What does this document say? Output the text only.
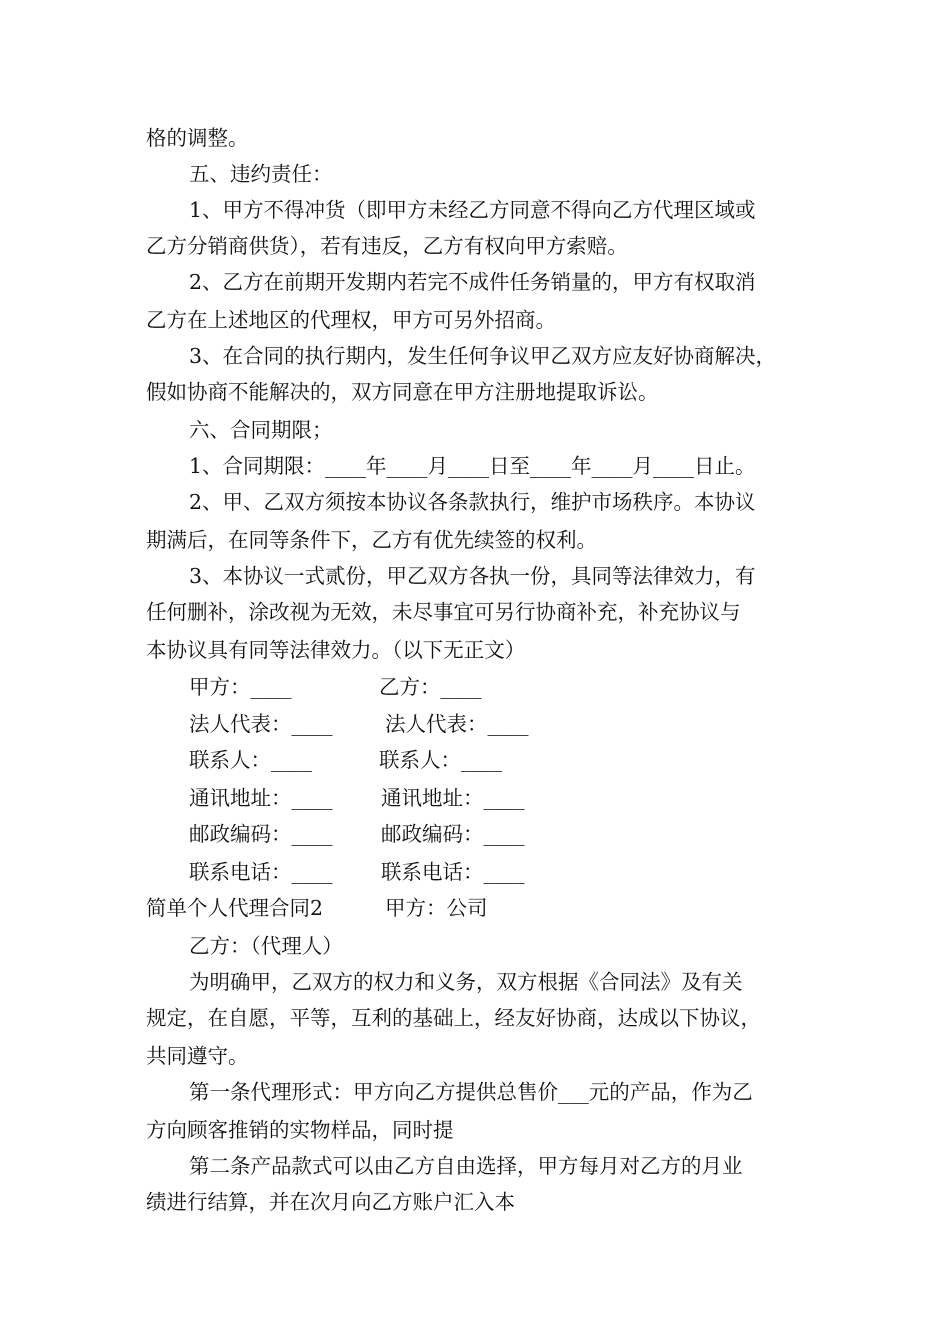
格的调整。
五、违约责任：
1、甲方不得冲货（即甲方未经乙方同意不得向乙方代理区域或
乙方分销商供货），若有违反，乙方有权向甲方索赔。
2、乙方在前期开发期内若完不成件任务销量的，甲方有权取消
乙方在上述地区的代理权，甲方可另外招商。
3、在合同的执行期内，发生任何争议甲乙双方应友好协商解决，
假如协商不能解决的，双方同意在甲方注册地提取诉讼。
六、合同期限；
1、合同期限：____年____月____日至____年____月____日止。
2、甲、乙双方须按本协议各条款执行，维护市场秩序。本协议
期满后，在同等条件下，乙方有优先续签的权利。
3、本协议一式贰份，甲乙双方各执一份，具同等法律效力，有
任何删补，涂改视为无效，未尽事宜可另行协商补充，补充协议与
本协议具有同等法律效力。（以下无正文）
甲方：____	乙方：____
法人代表：____	法人代表：____
联系人：____	联系人：____
通讯地址：____ 通讯地址：____
邮政编码：____ 邮政编码：____
联系电话：____ 联系电话：____
简单个人代理合同2	甲方：公司
乙方：（代理人）
为明确甲，乙双方的权力和义务，双方根据《合同法》及有关
规定，在自愿，平等，互利的基础上，经友好协商，达成以下协议，
共同遵守。
第一条代理形式：甲方向乙方提供总售价___元的产品，作为乙
方向顾客推销的实物样品，同时提
第二条产品款式可以由乙方自由选择，甲方每月对乙方的月业
绩进行结算，并在次月向乙方账户汇入本
